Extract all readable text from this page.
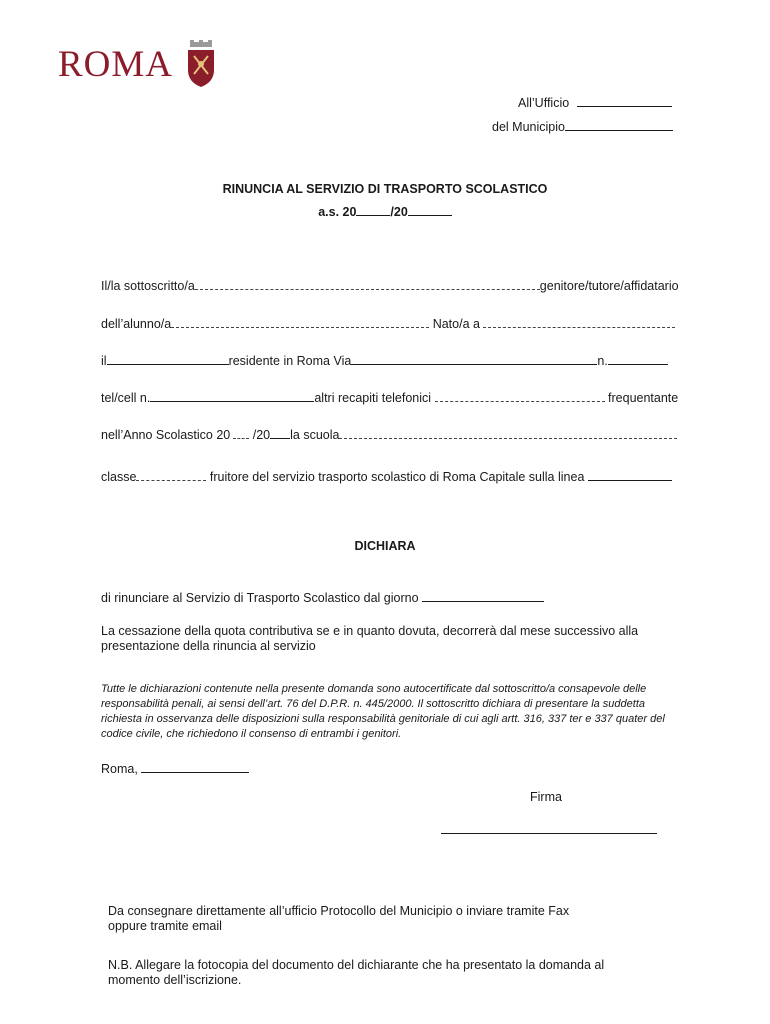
ROMA
All’Ufficio
del Municipio
RINUNCIA AL SERVIZIO DI TRASPORTO SCOLASTICO
a.s. 20	/20
Il/la sottoscritto/a	genitore/tutore/affidatario
dell’alunno/a	Nato/a a
il	residente in Roma Via	n.
tel/cell n.	altri recapiti telefonici	frequentante
nell’Anno Scolastico 20 /20 la scuola
classe	fruitore del servizio trasporto scolastico di Roma Capitale sulla linea
DICHIARA
di rinunciare al Servizio di Trasporto Scolastico dal giorno
La cessazione della quota contributiva se e in quanto dovuta, decorrerà dal mese successivo alla presentazione della rinuncia al servizio
Tutte le dichiarazioni contenute nella presente domanda sono autocertificate dal sottoscritto/a consapevole delle responsabilità penali, ai sensi dell’art. 76 del D.P.R. n. 445/2000. Il sottoscritto dichiara di presentare la suddetta richiesta in osservanza delle disposizioni sulla responsabilità genitoriale di cui agli artt. 316, 337 ter e 337 quater del codice civile, che richiedono il consenso di entrambi i genitori.
Roma,
Firma
Da consegnare direttamente all’ufficio Protocollo del Municipio o inviare tramite Fax oppure tramite email
N.B. Allegare la fotocopia del documento del dichiarante che ha presentato la domanda al momento dell’iscrizione.
